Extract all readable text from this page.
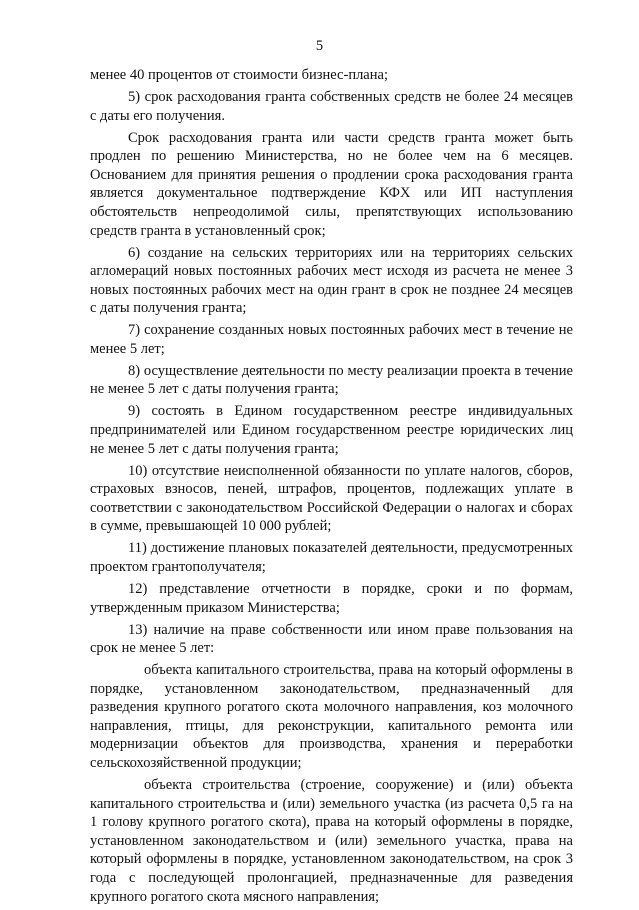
5

менее 40 процентов от стоимости бизнес-плана;

5) срок расходования гранта собственных средств не более 24 месяцев с даты его получения.

Срок расходования гранта или части средств гранта может быть продлен по решению Министерства, но не более чем на 6 месяцев. Основанием для принятия решения о продлении срока расходования гранта является документальное подтверждение КФХ или ИП наступления обстоятельств непреодолимой силы, препятствующих использованию средств гранта в установленный срок;

6) создание на сельских территориях или на территориях сельских агломераций новых постоянных рабочих мест исходя из расчета не менее 3 новых постоянных рабочих мест на один грант в срок не позднее 24 месяцев с даты получения гранта;

7) сохранение созданных новых постоянных рабочих мест в течение не менее 5 лет;

8) осуществление деятельности по месту реализации проекта в течение не менее 5 лет с даты получения гранта;

9) состоять в Едином государственном реестре индивидуальных предпринимателей или Едином государственном реестре юридических лиц не менее 5 лет с даты получения гранта;

10) отсутствие неисполненной обязанности по уплате налогов, сборов, страховых взносов, пеней, штрафов, процентов, подлежащих уплате в соответствии с законодательством Российской Федерации о налогах и сборах в сумме, превышающей 10 000 рублей;

11) достижение плановых показателей деятельности, предусмотренных проектом грантополучателя;

12) представление отчетности в порядке, сроки и по формам, утвержденным приказом Министерства;

13) наличие на праве собственности или ином праве пользования на срок не менее 5 лет:

объекта капитального строительства, права на который оформлены в порядке, установленном законодательством, предназначенный для разведения крупного рогатого скота молочного направления, коз молочного направления, птицы, для реконструкции, капитального ремонта или модернизации объектов для производства, хранения и переработки сельскохозяйственной продукции;

объекта строительства (строение, сооружение) и (или) объекта капитального строительства и (или) земельного участка (из расчета 0,5 га на 1 голову крупного рогатого скота), права на который оформлены в порядке, установленном законодательством и (или) земельного участка, права на который оформлены в порядке, установленном законодательством, на срок 3 года с последующей пролонгацией, предназначенные для разведения крупного рогатого скота мясного направления;
